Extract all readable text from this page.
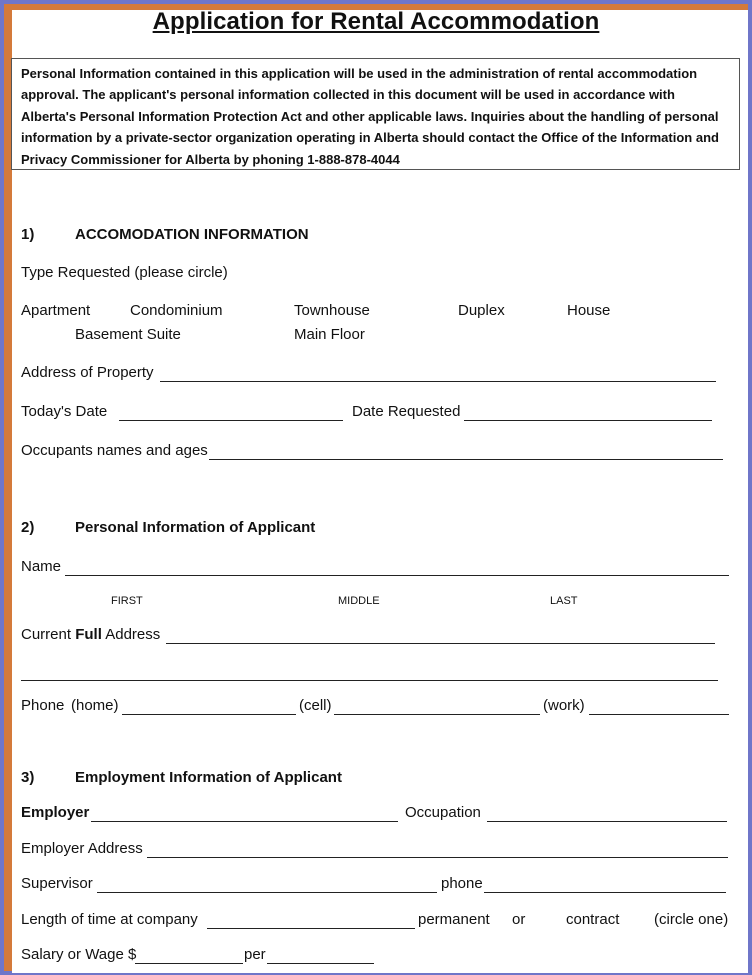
Application for Rental Accommodation
Personal Information contained in this application will be used in the administration of rental accommodation approval. The applicant's personal information collected in this document will be used in accordance with Alberta's Personal Information Protection Act and other applicable laws. Inquiries about the handling of personal information by a private-sector organization operating in Alberta should contact the Office of the Information and Privacy Commissioner for Alberta by phoning 1-888-878-4044
1)	ACCOMODATION INFORMATION
Type Requested (please circle)
Apartment	Condominium	Townhouse	Duplex	House
Basement Suite	Main Floor
Address of Property
Today's Date	Date Requested
Occupants names and ages
2)	Personal Information of Applicant
Name
FIRST	MIDDLE	LAST
Current Full Address
Phone (home)	(cell)	(work)
3)	Employment Information of Applicant
Employer	Occupation
Employer Address
Supervisor	phone
Length of time at company	permanent or	contract (circle one)
Salary or Wage $	per
